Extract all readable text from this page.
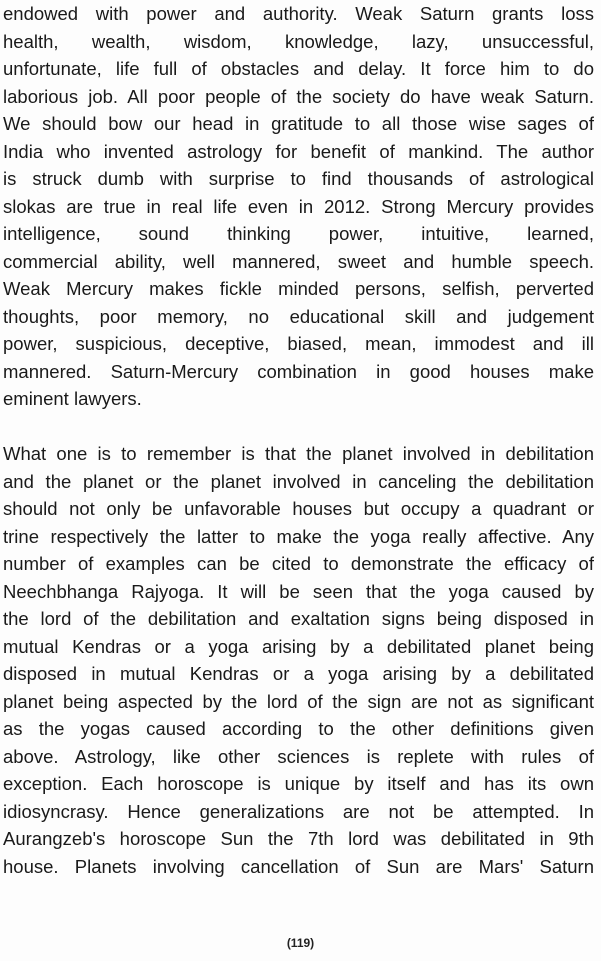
endowed with power and authority. Weak Saturn grants loss
health, wealth, wisdom, knowledge, lazy, unsuccessful,
unfortunate, life full of obstacles and delay. It force him to do
laborious job. All poor people of the society do have weak Saturn.
We should bow our head in gratitude to all those wise sages of
India who invented astrology for benefit of mankind. The author
is struck dumb with surprise to find thousands of astrological
slokas are true in real life even in 2012. Strong Mercury provides
intelligence, sound thinking power, intuitive, learned,
commercial ability, well mannered, sweet and humble speech.
Weak Mercury makes fickle minded persons, selfish, perverted
thoughts, poor memory, no educational skill and judgement
power, suspicious, deceptive, biased, mean, immodest and ill
mannered. Saturn-Mercury combination in good houses make
eminent lawyers.
What one is to remember is that the planet involved in debilitation
and the planet or the planet involved in canceling the debilitation
should not only be unfavorable houses but occupy a quadrant or
trine respectively the latter to make the yoga really affective. Any
number of examples can be cited to demonstrate the efficacy of
Neechbhanga Rajyoga. It will be seen that the yoga caused by
the lord of the debilitation and exaltation signs being disposed in
mutual Kendras or a yoga arising by a debilitated planet being
disposed in mutual Kendras or a yoga arising by a debilitated
planet being aspected by the lord of the sign are not as significant
as the yogas caused according to the other definitions given
above. Astrology, like other sciences is replete with rules of
exception. Each horoscope is unique by itself and has its own
idiosyncrasy. Hence generalizations are not be attempted. In
Aurangzeb's horoscope Sun the 7th lord was debilitated in 9th
house. Planets involving cancellation of Sun are Mars' Saturn
(119)
